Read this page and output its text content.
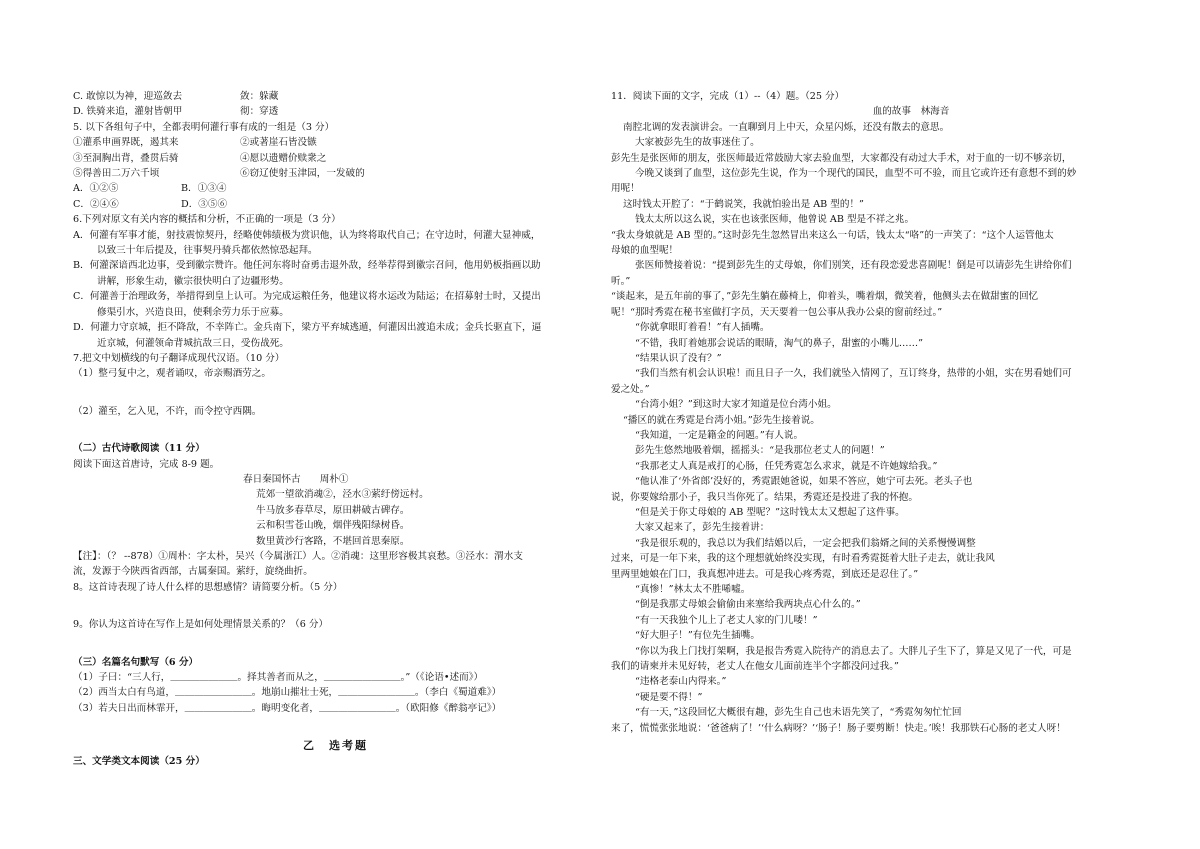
C. 敢惊以为神，迎巡敛去	敛：躲藏
D. 铁骑来追，灌射皆朝甲	彻：穿透
5. 以下各组句子中，全都表明何灌行事有成的一组是（3 分）
①灌系申画界既，遏其来	②或著崖石皆没镞
③至洞胸出背，叠贯后骑	④愿以遗赠价赎衆之
⑤得善田二万六千顷	⑥窃辽使射玉津园，一发破的
A．①②⑤	B．①③④
C．②④⑥	D．③⑤⑥
6.下列对原文有关内容的概括和分析，不正确的一项是（3 分）
A．何灌有军事才能，射技震惊契丹，经略使韩绩极为赏识他，认为终将取代自己；在守边时，何灌大显神威，
以致三十年后提及，往事契丹骑兵都依然惊恐起拜。
B．何灌深谙西北边事，受到徽宗赞许。他任河东将时奋勇击退外敌，经举荐得到徽宗召问，他用奶板指画以助
讲解，形象生动，徽宗很快明白了边疆形势。
C．何灌善于治理政务，举措得到皇上认可。为完成运粮任务，他建议将水运改为陆运；在招募射士时，又提出
修渠引水，兴造良田，使剩余劳力乐于应募。
D．何灌力守京城，拒不降敌，不幸阵亡。金兵南下，梁方平弃城逃遁，何灌因出渡追未成；金兵长驱直下，逼
近京城，何灌领命背城抗敌三日，受伤战死。
7.把文中划横线的句子翻译成现代汉语。（10 分）
（1）整弓复中之，观者诵叹，帝亲赐酒劳之。
（2）灌至，乞入见，不许，而令控守西隅。
（二）古代诗歌阅读（11 分）
阅读下面这首唐诗，完成 8-9 题。
春日秦国怀古　　周朴①
荒郊一望欲消魂②，泾水③萦纡傍远村。
牛马放多春草尽，原田耕破古碑存。
云和积雪苍山晚，烟伴残阳绿树昏。
数里黄沙行客路，不堪回首思秦原。
【注】：（？ --878）①周朴：字太朴，吴兴（今属浙江）人。②消魂：这里形容极其哀愁。③泾水：渭水支
流，发源于今陕西省西部，古属秦国。萦纡，旋绕曲折。
8。这首诗表现了诗人什么样的思想感情？请简要分析。（5 分）
9。你认为这首诗在写作上是如何处理情景关系的？（6 分）
（三）名篇名句默写（6 分）
（1）子曰：“三人行，＿＿＿＿＿＿＿。择其善者而从之，＿＿＿＿＿＿＿＿。”（《论语•述而》）
（2）西当太白有鸟道，＿＿＿＿＿＿＿＿。地崩山摧壮士死，＿＿＿＿＿＿＿＿。（李白《蜀道难》）
（3）若夫日出而林霏开，＿＿＿＿＿＿＿。晦明变化者，＿＿＿＿＿＿＿＿。（欧阳修《醉翁亭记》）
乙　选考题
三、文学类文本阅读（25 分）
11．阅读下面的文字，完成（1）--（4）题。（25 分）
血的故事　林海音
南腔北调的发表演讲会。一直聊到月上中天，众星闪烁，还没有散去的意思。
大家被彭先生的故事迷住了。
彭先生是张医师的朋友，张医师最近常鼓励大家去验血型，大家都没有动过大手术，对于血的一切不够亲切，
今晚又谈到了血型，这位彭先生说，作为一个现代的国民，血型不可不验，而且它或许还有意想不到的妙
用呢！
这时钱太开腔了：“于鹤说笑，我就怕验出是 AB 型的！”
钱太太所以这么说，实在也该张医师，他曾说 AB 型是不祥之兆。
“我太身娘就是 AB 型的。”这时彭先生忽然冒出来这么一句话，钱太太“咯”的一声笑了：“这个人运管他太
母娘的血型呢！
张医师赞接着说：“提到彭先生的丈母娘，你们别笑，还有段恋爱悲喜剧呢！倒是可以请彭先生讲给你们
听。”
“谈起来，是五年前的事了，”彭先生躺在藤椅上，仰着头，嘴着烟，微笑着，他侧头去在做甜蜜的回忆
呢！“那时秀霓在秘书室做打字员，天天要着一包公事从我办公桌的窗前经过。”
“你就拿眼盯着看！”有人插嘴。
“不错，我盯着她那会说话的眼睛，淘气的鼻子，甜蜜的小嘴儿……”
“结果认识了没有？”
“我们当然有机会认识啦！而且日子一久，我们就坠入情网了，互订终身，热带的小姐，实在男看她们可
爱之处。”
“台湾小姐？”到这时大家才知道是位台湾小姐。
“播区的就在秀霓是台湾小姐。”彭先生接着说。
“我知道，一定是籍金的问题。”有人说。
彭先生悠然地吸着烟，摇摇头：“是我那位老丈人的问题！”
“我那老丈人真是戒打的心肠，任凭秀霓怎么求求，就是不许她嫁给我。”
“他认准了‘外省郎’没好的，秀霓跟她爸说，如果不答应，她宁可去死。老头子也
说，你要嫁给那小子，我只当你死了。结果，秀霓还是投进了我的怀抱。
“但是关于你丈母娘的 AB 型呢？”这时钱太太又想起了这件事。
大家又起来了，彭先生接着讲：
“我是很乐观的，我总以为我们结婚以后，一定会把我们翁婿之间的关系慢慢调整
过来，可是一年下来，我的这个理想就始终没实现，有时看秀霓挺着大肚子走去，就让我风
里两里她娘在门口，我真想冲进去。可是我心疼秀霓，到底还是忍住了。”
“真惨！”林太太不胜唏嘘。
“倒是我那丈母娘会偷偷由来塞给我两块点心什么的。”
“有一天我独个儿上了老丈人家的门儿喽！”
“好大胆子！”有位先生插嘴。
“你以为我上门找打架啊，我是报告秀霓入院待产的消息去了。大胖儿子生下了，算是又见了一代，可是
我们的请柬并未见好转，老丈人在他女儿面前连半个字都没问过我。”
“违格老泰山内得来。”
“硬是要不得！”
“有一天，”这段回忆大概很有趣，彭先生自己也未语先笑了，“秀霓匆匆忙忙回
来了，慌慌张张地说：‘爸爸病了！’‘什么病呀？’‘肠子！肠子要剪断！快走。’唉！我那铁石心肠的老丈人呀！
